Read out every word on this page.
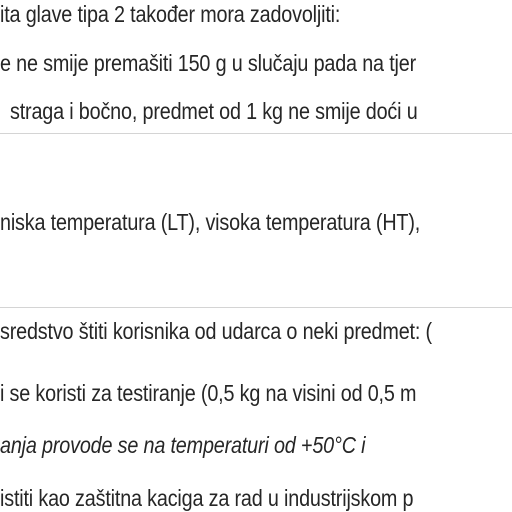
ita glave tipa 2 također mora zadovoljiti:
e ne smije premašiti 150 g u slučaju pada na tjer
straga i bočno, predmet od 1 kg ne smije doći u
niska temperatura (LT), visoka temperatura (HT),
sredstvo štiti korisnika od udarca o neki predmet: (
i se koristi za testiranje (0,5 kg na visini od 0,5 m
anja provode se na temperaturi od +50°C i
istiti kao zaštitna kaciga za rad u industrijskom p
